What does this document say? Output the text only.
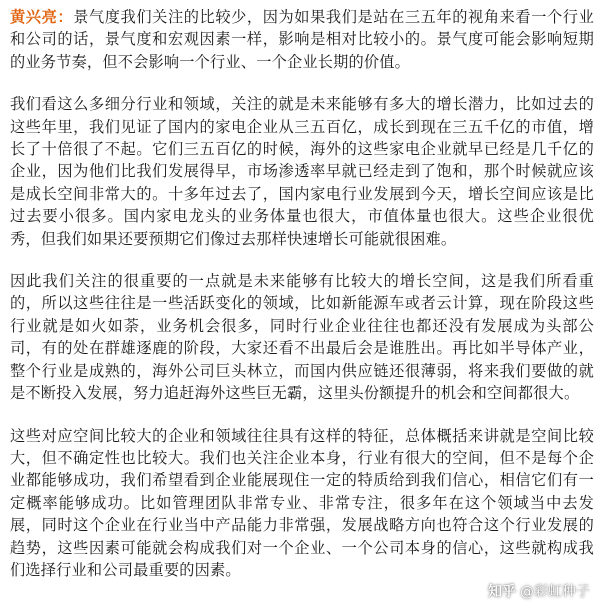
黄兴亮：景气度我们关注的比较少，因为如果我们是站在三五年的视角来看一个行业和公司的话，景气度和宏观因素一样，影响是相对比较小的。景气度可能会影响短期的业务节奏，但不会影响一个行业、一个企业长期的价值。

我们看这么多细分行业和领域，关注的就是未来能够有多大的增长潜力，比如过去的这些年里，我们见证了国内的家电企业从三五百亿，成长到现在三五千亿的市值，增长了十倍很了不起。它们三五百亿的时候，海外的这些家电企业就早已经是几千亿的企业，因为他们比我们发展得早，市场渗透率早就已经走到了饱和，那个时候就应该是成长空间非常大的。十多年过去了，国内家电行业发展到今天，增长空间应该是比过去要小很多。国内家电龙头的业务体量也很大，市值体量也很大。这些企业很优秀，但我们如果还要预期它们像过去那样快速增长可能就很困难。

因此我们关注的很重要的一点就是未来能够有比较大的增长空间，这是我们所看重的，所以这些往往是一些活跃变化的领域，比如新能源车或者云计算，现在阶段这些行业就是如火如荼，业务机会很多，同时行业企业往往也都还没有发展成为头部公司，有的处在群雄逐鹿的阶段，大家还看不出最后会是谁胜出。再比如半导体产业，整个行业是成熟的，海外公司巨头林立，而国内供应链还很薄弱，将来我们要做的就是不断投入发展，努力追赶海外这些巨无霸，这里头份额提升的机会和空间都很大。

这些对应空间比较大的企业和领域往往具有这样的特征，总体概括来讲就是空间比较大，但不确定性也比较大。我们也关注企业本身，行业有很大的空间，但不是每个企业都能够成功，我们希望看到企业能展现住一定的特质给到我们信心，相信它们有一定概率能够成功。比如管理团队非常专业、非常专注，很多年在这个领域当中去发展，同时这个企业在行业当中产品能力非常强，发展战略方向也符合这个行业发展的趋势，这些因素可能就会构成我们对一个企业、一个公司本身的信心，这些就构成我们选择行业和公司最重要的因素。

知乎 @彩虹种子
